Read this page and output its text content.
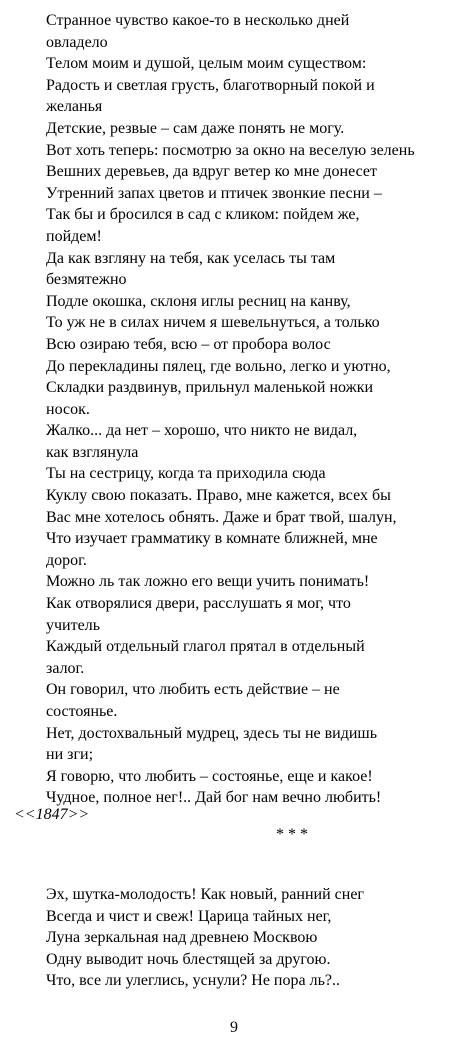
Странное чувство какое-то в несколько дней
овладело
Телом моим и душой, целым моим существом:
Радость и светлая грусть, благотворный покой и
желанья
Детские, резвые – сам даже понять не могу.
Вот хоть теперь: посмотрю за окно на веселую зелень
Вешних деревьев, да вдруг ветер ко мне донесет
Утренний запах цветов и птичек звонкие песни –
Так бы и бросился в сад с кликом: пойдем же,
пойдем!
Да как взгляну на тебя, как уселась ты там
безмятежно
Подле окошка, склоня иглы ресниц на канву,
То уж не в силах ничем я шевельнуться, а только
Всю озираю тебя, всю – от пробора волос
До перекладины пялец, где вольно, легко и уютно,
Складки раздвинув, прильнул маленькой ножки
носок.
Жалко... да нет – хорошо, что никто не видал,
как взглянула
Ты на сестрицу, когда та приходила сюда
Куклу свою показать. Право, мне кажется, всех бы
Вас мне хотелось обнять. Даже и брат твой, шалун,
Что изучает грамматику в комнате ближней, мне
дорог.
Можно ль так ложно его вещи учить понимать!
Как отворялися двери, расслушать я мог, что
учитель
Каждый отдельный глагол прятал в отдельный
залог.
Он говорил, что любить есть действие – не
состоянье.
Нет, достохвальный мудрец, здесь ты не видишь
ни зги;
Я говорю, что любить – состоянье, еще и какое!
Чудное, полное нег!.. Дай бог нам вечно любить!
<<1847>>
* * *
Эх, шутка-молодость! Как новый, ранний снег
Всегда и чист и свеж! Царица тайных нег,
Луна зеркальная над древнею Москвою
Одну выводит ночь блестящей за другою.
Что, все ли улеглись, уснули? Не пора ль?..
9
